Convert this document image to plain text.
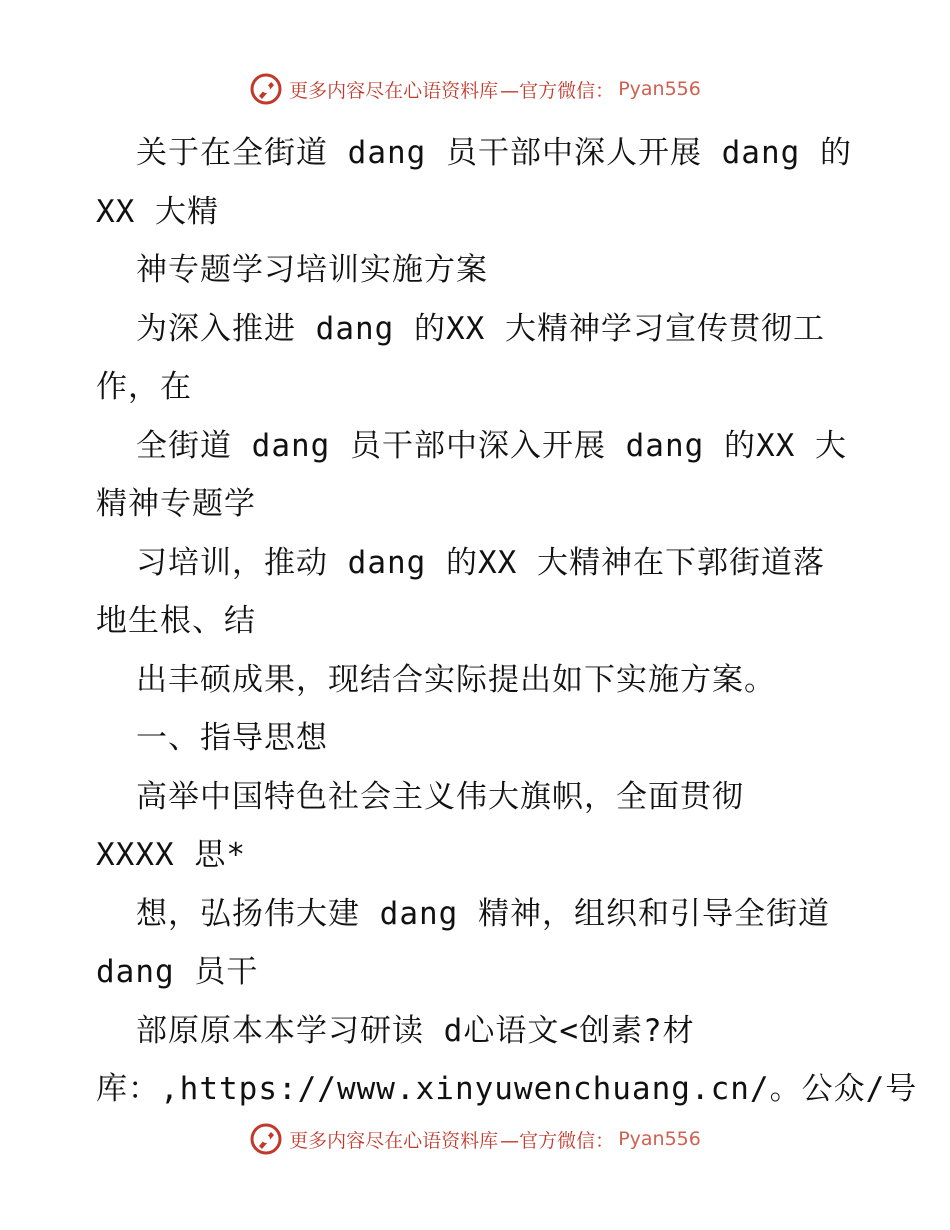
更多内容尽在心语资料库 —官方微信： Pyan556
关于在全街道 dang 员干部中深人开展 dang 的
XX 大精
神专题学习培训实施方案
为深入推进 dang 的XX 大精神学习宣传贯彻工
作，在
全街道 dang 员干部中深入开展 dang 的XX 大
精神专题学
习培训，推动 dang 的XX 大精神在下郭街道落
地生根、结
出丰硕成果，现结合实际提出如下实施方案。
一、指导思想
高举中国特色社会主义伟大旗帜，全面贯彻
XXXX 思*
想，弘扬伟大建 dang 精神，组织和引导全街道
dang 员干
部原原本本学习研读 d心语文<创素?材
库：,https://www.xinyuwenchuang.cn/。公众/号
更多内容尽在心语资料库 —官方微信： Pyan556
